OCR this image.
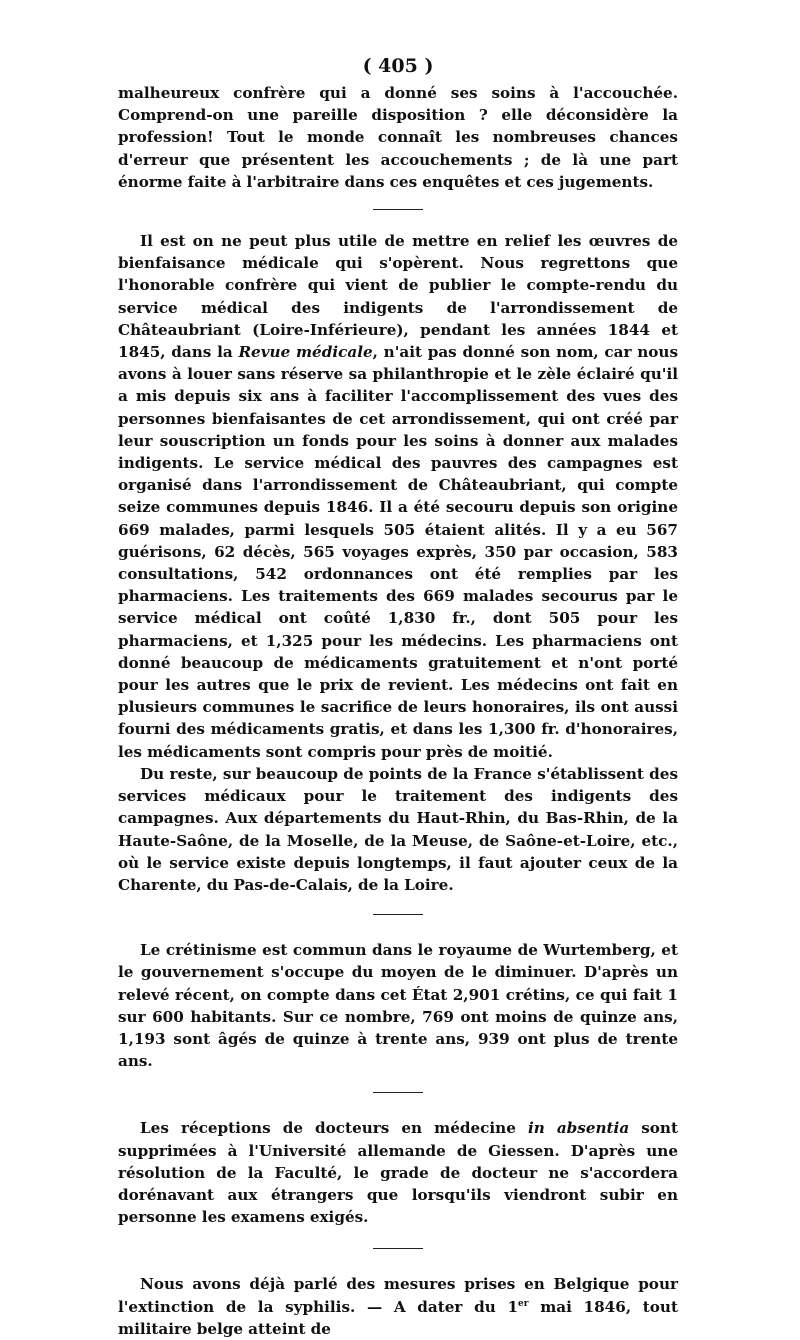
( 405 )

malheureux confrère qui a donné ses soins à l'accouchée. Comprend-on une pareille disposition ? elle déconsidère la profession! Tout le monde connaît les nombreuses chances d'erreur que présentent les accouchements ; de là une part énorme faite à l'arbitraire dans ces enquêtes et ces jugements.

Il est on ne peut plus utile de mettre en relief les œuvres de bienfaisance médicale qui s'opèrent. Nous regrettons que l'honorable confrère qui vient de publier le compte-rendu du service médical des indigents de l'arrondissement de Châteaubriant (Loire-Inférieure), pendant les années 1844 et 1845, dans la Revue médicale, n'ait pas donné son nom, car nous avons à louer sans réserve sa philanthropie et le zèle éclairé qu'il a mis depuis six ans à faciliter l'accomplissement des vues des personnes bienfaisantes de cet arrondissement, qui ont créé par leur souscription un fonds pour les soins à donner aux malades indigents. Le service médical des pauvres des campagnes est organisé dans l'arrondissement de Châteaubriant, qui compte seize communes depuis 1846. Il a été secouru depuis son origine 669 malades, parmi lesquels 505 étaient alités. Il y a eu 567 guérisons, 62 décès, 565 voyages exprès, 350 par occasion, 583 consultations, 542 ordonnances ont été remplies par les pharmaciens. Les traitements des 669 malades secourus par le service médical ont coûté 1,830 fr., dont 505 pour les pharmaciens, et 1,325 pour les médecins. Les pharmaciens ont donné beaucoup de médicaments gratuitement et n'ont porté pour les autres que le prix de revient. Les médecins ont fait en plusieurs communes le sacrifice de leurs honoraires, ils ont aussi fourni des médicaments gratis, et dans les 1,300 fr. d'honoraires, les médicaments sont compris pour près de moitié.

Du reste, sur beaucoup de points de la France s'établissent des services médicaux pour le traitement des indigents des campagnes. Aux départements du Haut-Rhin, du Bas-Rhin, de la Haute-Saône, de la Moselle, de la Meuse, de Saône-et-Loire, etc., où le service existe depuis longtemps, il faut ajouter ceux de la Charente, du Pas-de-Calais, de la Loire.

Le crétinisme est commun dans le royaume de Wurtemberg, et le gouvernement s'occupe du moyen de le diminuer. D'après un relevé récent, on compte dans cet État 2,901 crétins, ce qui fait 1 sur 600 habitants. Sur ce nombre, 769 ont moins de quinze ans, 1,193 sont âgés de quinze à trente ans, 939 ont plus de trente ans.

Les réceptions de docteurs en médecine in absentia sont supprimées à l'Université allemande de Giessen. D'après une résolution de la Faculté, le grade de docteur ne s'accordera dorénavant aux étrangers que lorsqu'ils viendront subir en personne les examens exigés.

Nous avons déjà parlé des mesures prises en Belgique pour l'extinction de la syphilis. — A dater du 1er mai 1846, tout militaire belge atteint de
